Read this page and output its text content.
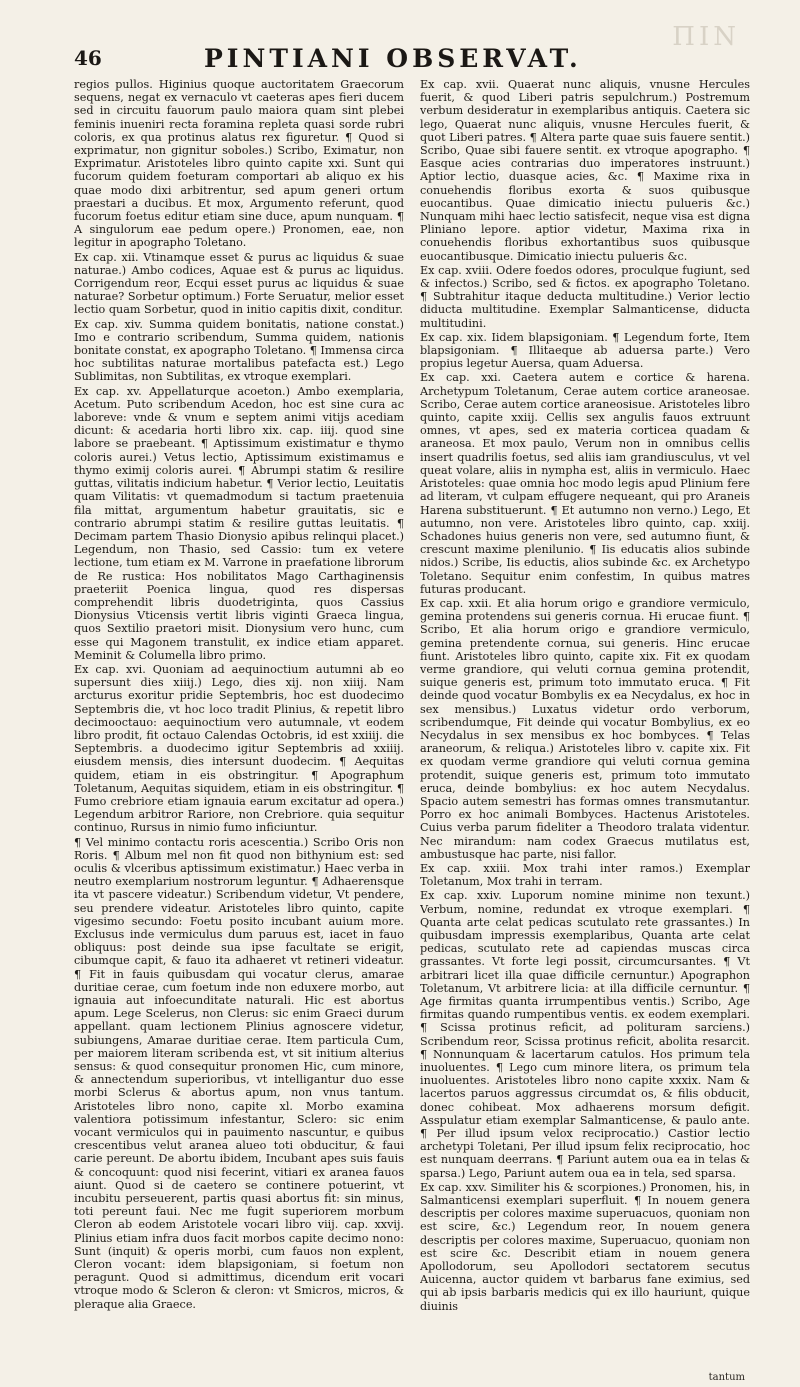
ΠΙΝ
46	PINTIANI OBSERVAT.

regios pullos. Higinius quoque auctoritatem Graecorum sequens, negat ex vernaculo vt caeteras apes fieri ducem sed in circuitu fauorum paulo maiora quam sint plebei feminis inueniri recta foramina repleta quasi sorde rubri coloris, ex qua protinus alatus rex figuretur. ¶ Quod si exprimatur, non gignitur soboles.) Scribo, Eximatur, non Exprimatur. Aristoteles libro quinto capite xxi. Sunt qui fucorum quidem foeturam comportari ab aliquo ex his quae modo dixi arbitrentur, sed apum generi ortum praestari a ducibus. Et mox, Argumento referunt, quod fucorum foetus editur etiam sine duce, apum nunquam. ¶ A singulorum eae pedum opere.) Pronomen, eae, non legitur in apographo Toletano.

Ex cap. xii. Vtinamque esset & purus ac liquidus & suae naturae.) Ambo codices, Aquae est & purus ac liquidus. Corrigendum reor, Ecqui esset purus ac liquidus & suae naturae? Sorbetur optimum.) Forte Seruatur, melior esset lectio quam Sorbetur, quod in initio capitis dixit, conditur.

Ex cap. xiv. Summa quidem bonitatis, natione constat.) Imo e contrario scribendum, Summa quidem, nationis bonitate constat, ex apographo Toletano. ¶ Immensa circa hoc subtilitas naturae mortalibus patefacta est.) Lego Sublimitas, non Subtilitas, ex vtroque exemplari.

Ex cap. xv. Appellaturque acoeton.) Ambo exemplaria, Acetum. Puto scribendum Acedon, hoc est sine cura ac laboreve: vnde & vnum e septem animi vitijs acediam dicunt: & acedaria horti libro xix. cap. iiij. quod sine labore se praebeant. ¶ Aptissimum existimatur e thymo coloris aurei.) Vetus lectio, Aptissimum existimamus e thymo eximij coloris aurei. ¶ Abrumpi statim & resilire guttas, vilitatis indicium habetur. ¶ Verior lectio, Leuitatis quam Vilitatis: vt quemadmodum si tactum praetenuia fila mittat, argumentum habetur grauitatis, sic e contrario abrumpi statim & resilire guttas leuitatis. ¶ Decimam partem Thasio Dionysio apibus relinqui placet.) Legendum, non Thasio, sed Cassio: tum ex vetere lectione, tum etiam ex M. Varrone in praefatione librorum de Re rustica: Hos nobilitatos Mago Carthaginensis praeteriit Poenica lingua, quod res dispersas comprehendit libris duodetriginta, quos Cassius Dionysius Vticensis vertit libris viginti Graeca lingua, quos Sextilio praetori misit. Dionysium vero hunc, cum esse qui Magonem transtulit, ex indice etiam apparet. Meminit & Columella libro primo.

Ex cap. xvi. Quoniam ad aequinoctium autumni ab eo supersunt dies xiiij.) Lego, dies xij. non xiiij. Nam arcturus exoritur pridie Septembris, hoc est duodecimo Septembris die, vt hoc loco tradit Plinius, & repetit libro decimooctauo: aequinoctium vero autumnale, vt eodem libro prodit, fit octauo Calendas Octobris, id est xxiiij. die Septembris. a duodecimo igitur Septembris ad xxiiij. eiusdem mensis, dies intersunt duodecim. ¶ Aequitas quidem, etiam in eis obstringitur. ¶ Apographum Toletanum, Aequitas siquidem, etiam in eis obstringitur. ¶ Fumo crebriore etiam ignauia earum excitatur ad opera.) Legendum arbitror Rariore, non Crebriore. quia sequitur continuo, Rursus in nimio fumo inficiuntur.

¶ Vel minimo contactu roris acescentia.) Scribo Oris non Roris. ¶ Album mel non fit quod non bithynium est: sed oculis & vlceribus aptissimum existimatur.) Haec verba in neutro exemplarium nostrorum leguntur. ¶ Adhaerensque ita vt pascere videatur.) Scribendum videtur, Vt pendere, seu prendere videatur. Aristoteles libro quinto, capite vigesimo secundo: Foetu posito incubant auium more. Exclusus inde vermiculus dum paruus est, iacet in fauo obliquus: post deinde sua ipse facultate se erigit, cibumque capit, & fauo ita adhaeret vt retineri videatur. ¶ Fit in fauis quibusdam qui vocatur clerus, amarae duritiae cerae, cum foetum inde non eduxere morbo, aut ignauia aut infoecunditate naturali. Hic est abortus apum. Lege Scelerus, non Clerus: sic enim Graeci durum appellant. quam lectionem Plinius agnoscere videtur, subiungens, Amarae duritiae cerae. Item particula Cum, per maiorem literam scribenda est, vt sit initium alterius sensus: & quod consequitur pronomen Hic, cum minore, & annectendum superioribus, vt intelligantur duo esse morbi Sclerus & abortus apum, non vnus tantum. Aristoteles libro nono, capite xl. Morbo examina valentiora potissimum infestantur, Sclero: sic enim vocant vermiculos qui in pauimento nascuntur, e quibus crescentibus velut aranea alueo toti obducitur, & faui carie pereunt. De abortu ibidem, Incubant apes suis fauis & concoquunt: quod nisi fecerint, vitiari ex aranea fauos aiunt. Quod si de caetero se continere potuerint, vt incubitu perseuerent, partis quasi abortus fit: sin minus, toti pereunt faui. Nec me fugit superiorem morbum Cleron ab eodem Aristotele vocari libro viij. cap. xxvij. Plinius etiam infra duos facit morbos capite decimo nono: Sunt (inquit) & operis morbi, cum fauos non explent, Cleron vocant: idem blapsigoniam, si foetum non peragunt. Quod si admittimus, dicendum erit vocari vtroque modo & Scleron & cleron: vt Smicros, micros, & pleraque alia Graece.

Ex cap. xvii. Quaerat nunc aliquis, vnusne Hercules fuerit, & quod Liberi patris sepulchrum.) Postremum verbum desideratur in exemplaribus antiquis. Caetera sic lego, Quaerat nunc aliquis, vnusne Hercules fuerit, & quot Liberi patres. ¶ Altera parte quae suis fauere sentit.) Scribo, Quae sibi fauere sentit. ex vtroque apographo. ¶ Easque acies contrarias duo imperatores instruunt.) Aptior lectio, duasque acies, &c. ¶ Maxime rixa in conuehendis floribus exorta & suos quibusque euocantibus. Quae dimicatio iniectu pulueris &c.) Nunquam mihi haec lectio satisfecit, neque visa est digna Pliniano lepore. aptior videtur, Maxima rixa in conuehendis floribus exhortantibus suos quibusque euocantibusque. Dimicatio iniectu pulueris &c.

Ex cap. xviii. Odere foedos odores, proculque fugiunt, sed & infectos.) Scribo, sed & fictos. ex apographo Toletano. ¶ Subtrahitur itaque deducta multitudine.) Verior lectio diducta multitudine. Exemplar Salmanticense, diducta multitudini.

Ex cap. xix. Iidem blapsigoniam. ¶ Legendum forte, Item blapsigoniam. ¶ Illitaeque ab aduersa parte.) Vero propius legetur Auersa, quam Aduersa.

Ex cap. xxi. Caetera autem e cortice & harena. Archetypum Toletanum, Cerae autem cortice araneosae. Scribo, Cerae autem cortice araneosisue. Aristoteles libro quinto, capite xxiij. Cellis sex angulis fauos extruunt omnes, vt apes, sed ex materia corticea quadam & araneosa. Et mox paulo, Verum non in omnibus cellis insert quadrilis foetus, sed aliis iam grandiusculus, vt vel queat volare, aliis in nympha est, aliis in vermiculo. Haec Aristoteles: quae omnia hoc modo legis apud Plinium fere ad literam, vt culpam effugere nequeant, qui pro Araneis Harena substituerunt. ¶ Et autumno non verno.) Lego, Et autumno, non vere. Aristoteles libro quinto, cap. xxiij. Schadones huius generis non vere, sed autumno fiunt, & crescunt maxime plenilunio. ¶ Iis educatis alios subinde nidos.) Scribe, Iis eductis, alios subinde &c. ex Archetypo Toletano. Sequitur enim confestim, In quibus matres futuras producant.

Ex cap. xxii. Et alia horum origo e grandiore vermiculo, gemina protendens sui generis cornua. Hi erucae fiunt. ¶ Scribo, Et alia horum origo e grandiore vermiculo, gemina pretendente cornua, sui generis. Hinc erucae fiunt. Aristoteles libro quinto, capite xix. Fit ex quodam verme grandiore, qui veluti cornua gemina protendit, suique generis est, primum toto immutato eruca. ¶ Fit deinde quod vocatur Bombylis ex ea Necydalus, ex hoc in sex mensibus.) Luxatus videtur ordo verborum, scribendumque, Fit deinde qui vocatur Bombylius, ex eo Necydalus in sex mensibus ex hoc bombyces. ¶ Telas araneorum, & reliqua.) Aristoteles libro v. capite xix. Fit ex quodam verme grandiore qui veluti cornua gemina protendit, suique generis est, primum toto immutato eruca, deinde bombylius: ex hoc autem Necydalus. Spacio autem semestri has formas omnes transmutantur. Porro ex hoc animali Bombyces. Hactenus Aristoteles. Cuius verba parum fideliter a Theodoro tralata videntur. Nec mirandum: nam codex Graecus mutilatus est, ambustusque hac parte, nisi fallor.

Ex cap. xxiii. Mox trahi inter ramos.) Exemplar Toletanum, Mox trahi in terram.

Ex cap. xxiv. Luporum nomine minime non texunt.) Verbum, nomine, redundat ex vtroque exemplari. ¶ Quanta arte celat pedicas scutulato rete grassantes.) In quibusdam impressis exemplaribus, Quanta arte celat pedicas, scutulato rete ad capiendas muscas circa grassantes. Vt forte legi possit, circumcursantes. ¶ Vt arbitrari licet illa quae difficile cernuntur.) Apographon Toletanum, Vt arbitrere licia: at illa difficile cernuntur. ¶ Age firmitas quanta irrumpentibus ventis.) Scribo, Age firmitas quando rumpentibus ventis. ex eodem exemplari. ¶ Scissa protinus reficit, ad polituram sarciens.) Scribendum reor, Scissa protinus reficit, abolita resarcit. ¶ Nonnunquam & lacertarum catulos. Hos primum tela inuoluentes. ¶ Lego cum minore litera, os primum tela inuoluentes. Aristoteles libro nono capite xxxix. Nam & lacertos paruos aggressus circumdat os, & filis obducit, donec cohibeat. Mox adhaerens morsum defigit. Asspulatur etiam exemplar Salmanticense, & paulo ante. ¶ Per illud ipsum velox reciprocatio.) Castior lectio archetypi Toletani, Per illud ipsum felix reciprocatio, hoc est nunquam deerrans. ¶ Pariunt autem oua ea in telas & sparsa.) Lego, Pariunt autem oua ea in tela, sed sparsa.

Ex cap. xxv. Similiter his & scorpiones.) Pronomen, his, in Salmanticensi exemplari superfluit. ¶ In nouem genera descriptis per colores maxime superuacuos, quoniam non est scire, &c.) Legendum reor, In nouem genera descriptis per colores maxime, Superuacuo, quoniam non est scire &c. Describit etiam in nouem genera Apollodorum, seu Apollodori sectatorem secutus Auicenna, auctor quidem vt barbarus fane eximius, sed qui ab ipsis barbaris medicis qui ex illo hauriunt, quique diuinis

tantum
